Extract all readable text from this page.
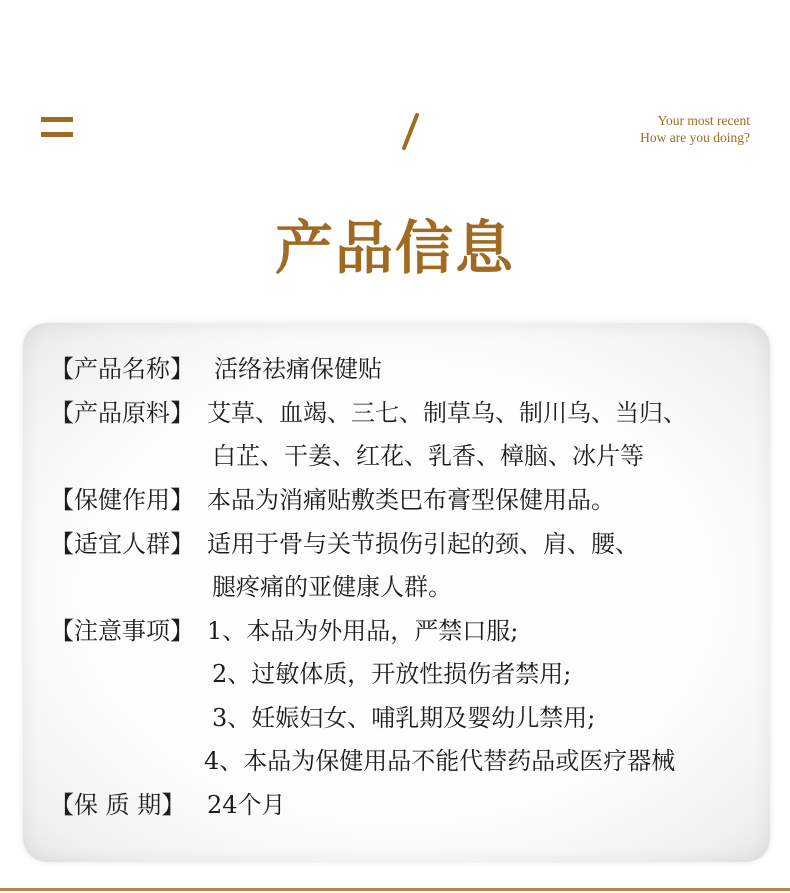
Your most recent
How are you doing?
产品信息
【产品名称】 活络祛痛保健贴
【产品原料】 艾草、血竭、三七、制草乌、制川乌、当归、
白芷、干姜、红花、乳香、樟脑、冰片等
【保健作用】 本品为消痛贴敷类巴布膏型保健用品。
【适宜人群】 适用于骨与关节损伤引起的颈、肩、腰、
腿疼痛的亚健康人群。
【注意事项】 1、本品为外用品，严禁口服;
2、过敏体质，开放性损伤者禁用;
3、妊娠妇女、哺乳期及婴幼儿禁用;
4、本品为保健用品不能代替药品或医疗器械
【保 质 期】 24个月
